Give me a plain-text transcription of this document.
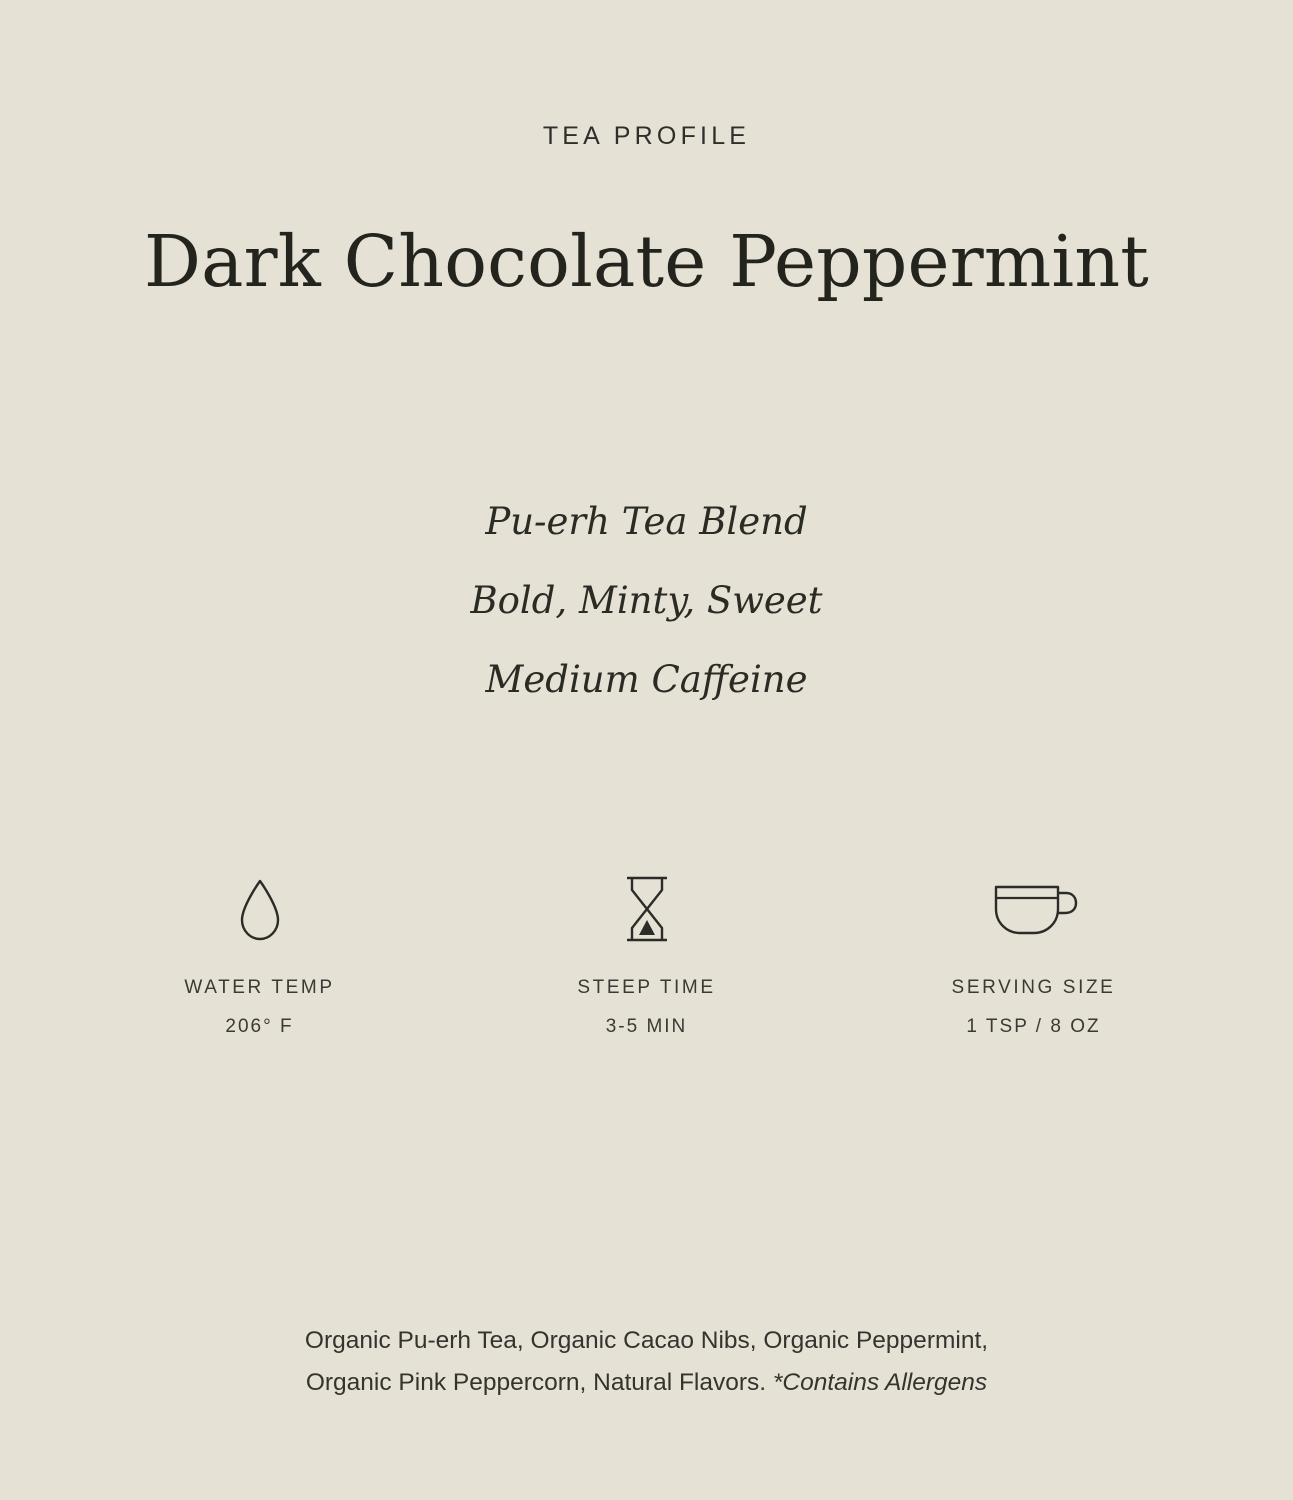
TEA PROFILE
Dark Chocolate Peppermint
Pu-erh Tea Blend
Bold, Minty, Sweet
Medium Caffeine
WATER TEMP
206° F
STEEP TIME
3-5 MIN
SERVING SIZE
1 TSP / 8 OZ
Organic Pu-erh Tea, Organic Cacao Nibs, Organic Peppermint,
Organic Pink Peppercorn, Natural Flavors. *Contains Allergens
